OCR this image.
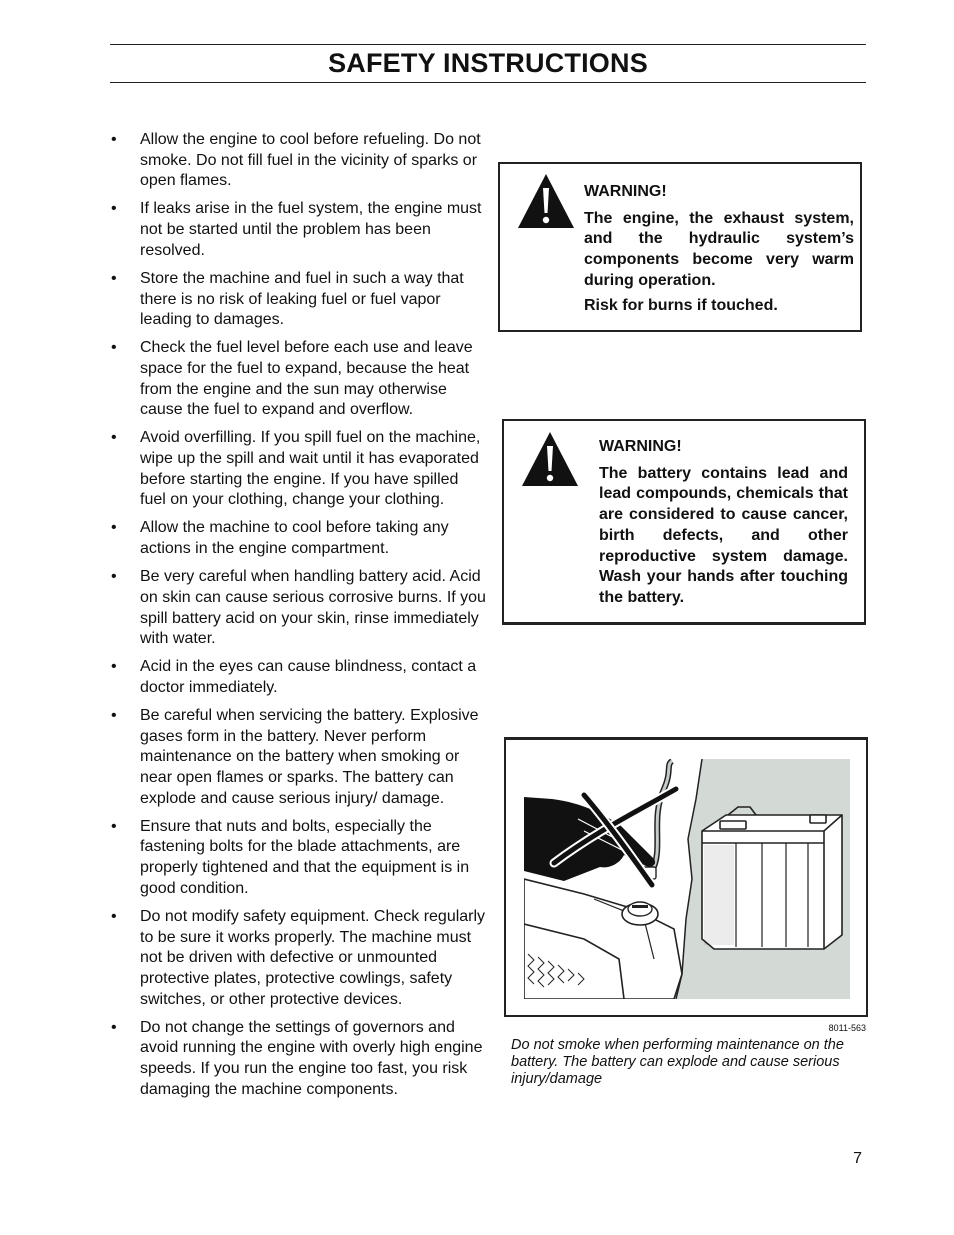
SAFETY INSTRUCTIONS
• Allow the engine to cool before refueling. Do not smoke. Do not fill fuel in the vicinity of sparks or open flames.
• If leaks arise in the fuel system, the engine must not be started until the problem has been resolved.
• Store the machine and fuel in such a way that there is no risk of leaking fuel or fuel vapor leading to damages.
• Check the fuel level before each use and leave space for the fuel to expand, because the heat from the engine and the sun may otherwise cause the fuel to expand and overflow.
• Avoid overfilling. If you spill fuel on the machine, wipe up the spill and wait until it has evaporated before starting the engine. If you have spilled fuel on your clothing, change your clothing.
• Allow the machine to cool before taking any actions in the engine compartment.
• Be very careful when handling battery acid. Acid on skin can cause serious corrosive burns. If you spill battery acid on your skin, rinse immediately with water.
• Acid in the eyes can cause blindness, contact a doctor immediately.
• Be careful when servicing the battery. Explosive gases form in the battery. Never perform maintenance on the battery when smoking or near open flames or sparks. The battery can explode and cause serious injury/ damage.
• Ensure that nuts and bolts, especially the fastening bolts for the blade attachments, are properly tightened and that the equipment is in good condition.
• Do not modify safety equipment. Check regularly to be sure it works properly. The machine must not be driven with defective or unmounted protective plates, protective cowlings, safety switches, or other protective devices.
• Do not change the settings of governors and avoid running the engine with overly high engine speeds. If you run the engine too fast, you risk damaging the machine components.

WARNING!

The engine, the exhaust system, and the hydraulic system’s components become very warm during operation.

Risk for burns if touched.

WARNING!

The battery contains lead and lead compounds, chemicals that are considered to cause cancer, birth defects, and other reproductive system damage. Wash your hands after touching the battery.

8011-563
Do not smoke when performing maintenance on the battery. The battery can explode and cause serious injury/damage
7
